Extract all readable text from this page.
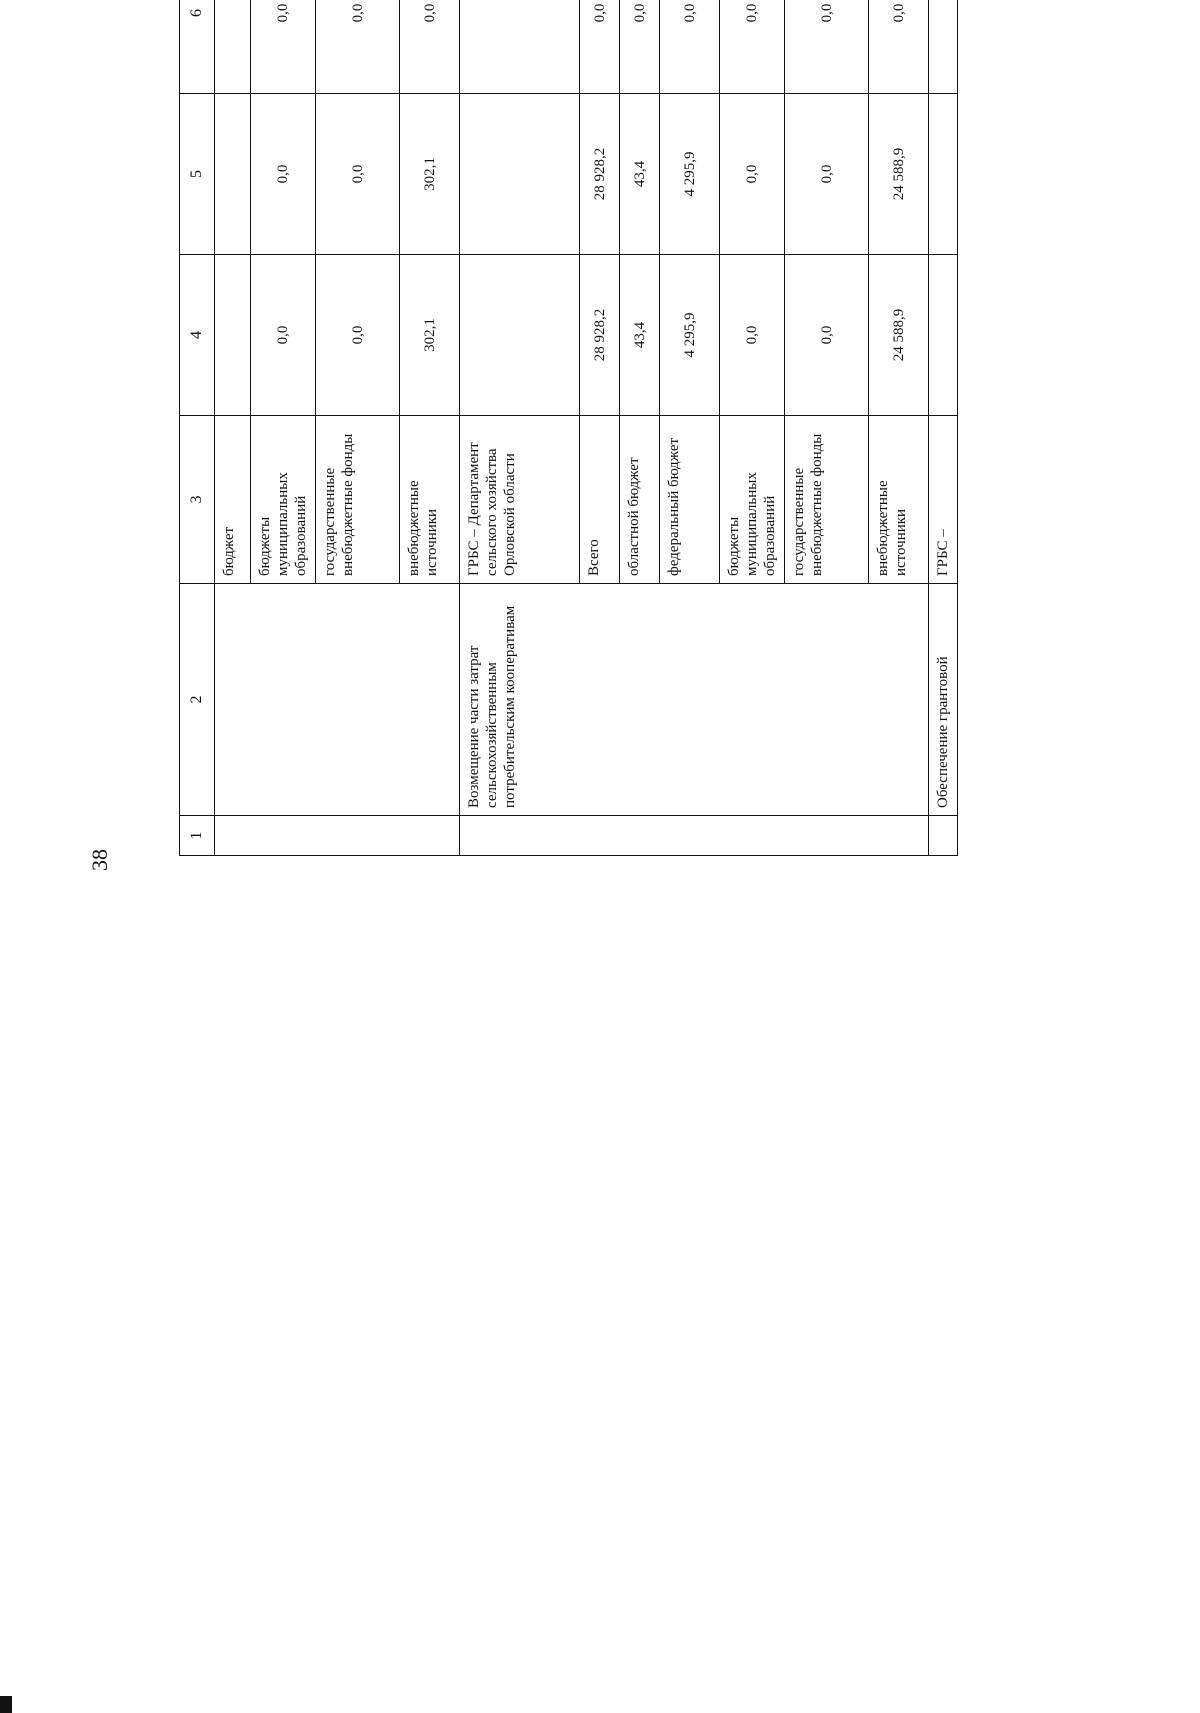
38
1	2	3	4	5	6				
		бюджет							
		бюджеты муниципальных образований	0,0	0,0	0,0				
		государственные внебюджетные фонды	0,0	0,0	0,0				
		внебюджетные источники	302,1	302,1	0,0				
	Возмещение части затрат сельскохозяйственным потребительским кооперативам	ГРБС – Департамент сельского хозяйства Орловской области							
		Всего	28 928,2	28 928,2	0,0				
		областной бюджет	43,4	43,4	0,0				
		федеральный бюджет	4 295,9	4 295,9	0,0				
		бюджеты муниципальных образований	0,0	0,0	0,0				
		государственные внебюджетные фонды	0,0	0,0	0,0				
		внебюджетные источники	24 588,9	24 588,9	0,0				
	Обеспечение грантовой	ГРБС –							
